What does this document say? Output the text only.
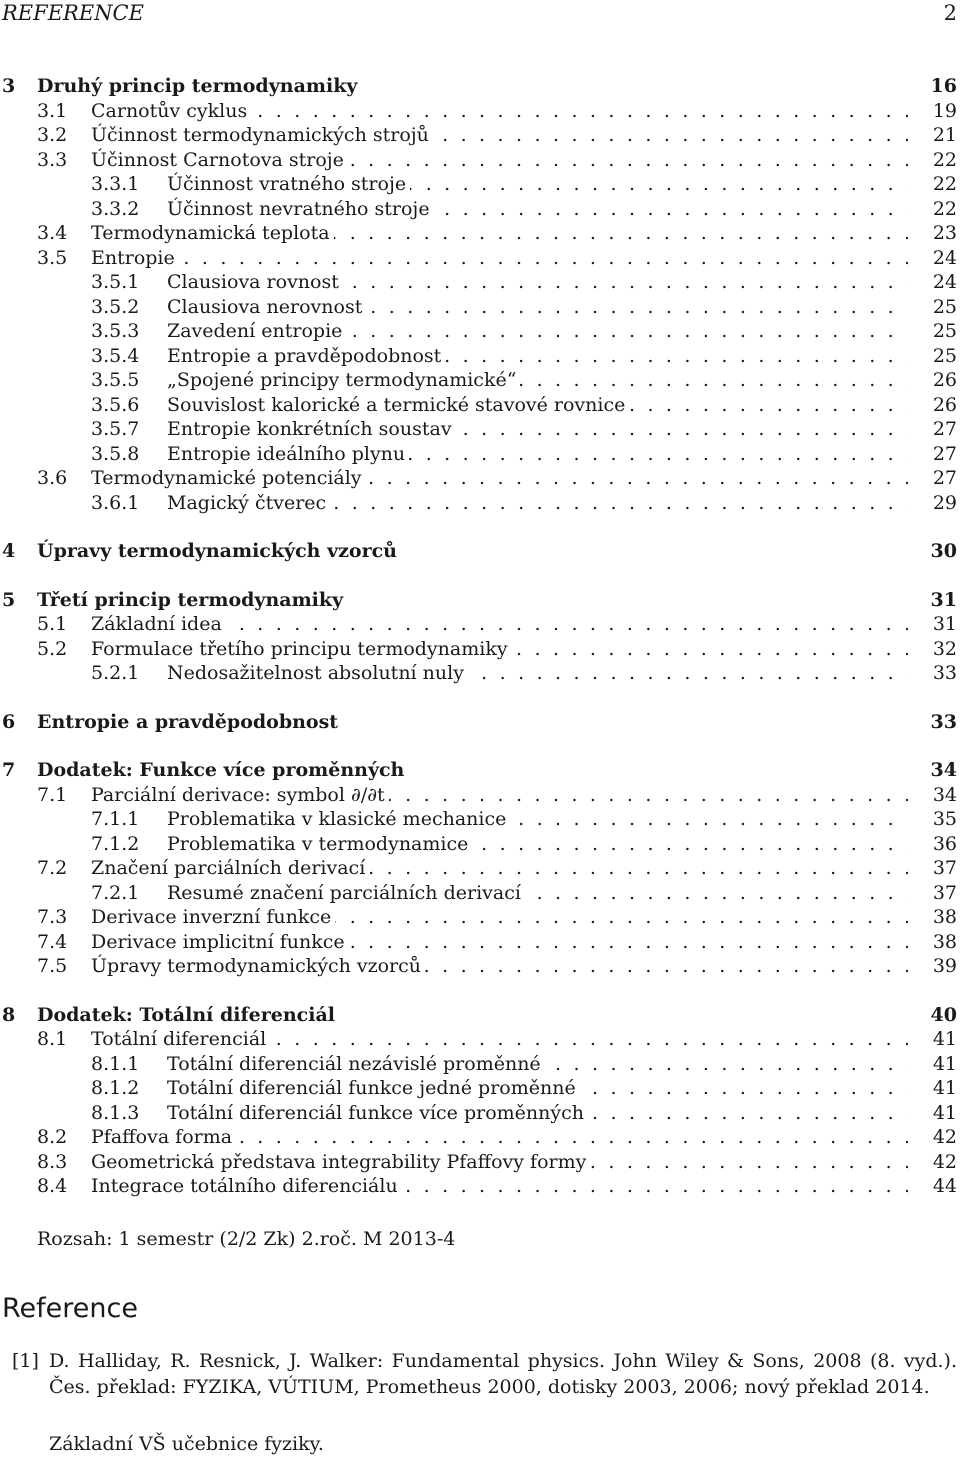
REFERENCE	2
3 Druhý princip termodynamiky	16
3.1 Carnotův cyklus . . .	19
3.2 Účinnost termodynamických strojů . . .	21
3.3 Účinnost Carnotova stroje . . .	22
3.3.1 Účinnost vratného stroje . . .	22
3.3.2 Účinnost nevratného stroje . . .	22
3.4 Termodynamická teplota . . .	23
3.5 Entropie . . .	24
3.5.1 Clausiova rovnost . . .	24
3.5.2 Clausiova nerovnost . . .	25
3.5.3 Zavedení entropie . . .	25
3.5.4 Entropie a pravděpodobnost . . .	25
3.5.5 „Spojené principy termodynamické“ . . .	26
3.5.6 Souvislost kalorické a termické stavové rovnice . . .	26
3.5.7 Entropie konkrétních soustav . . .	27
3.5.8 Entropie ideálního plynu . . .	27
3.6 Termodynamické potenciály . . .	27
3.6.1 Magický čtverec . . .	29
4 Úpravy termodynamických vzorců	30
5 Třetí princip termodynamiky	31
5.1 Základní idea . . .	31
5.2 Formulace třetího principu termodynamiky . . .	32
5.2.1 Nedosažitelnost absolutní nuly . . .	33
6 Entropie a pravděpodobnost	33
7 Dodatek: Funkce více proměnných	34
7.1 Parciální derivace: symbol ∂/∂t . . .	34
7.1.1 Problematika v klasické mechanice . . .	35
7.1.2 Problematika v termodynamice . . .	36
7.2 Značení parciálních derivací . . .	37
7.2.1 Resumé značení parciálních derivací . . .	37
7.3 Derivace inverzní funkce . . .	38
7.4 Derivace implicitní funkce . . .	38
7.5 Úpravy termodynamických vzorců . . .	39
8 Dodatek: Totální diferenciál	40
8.1 Totální diferenciál . . .	41
8.1.1 Totální diferenciál nezávislé proměnné . . .	41
8.1.2 Totální diferenciál funkce jedné proměnné . . .	41
8.1.3 Totální diferenciál funkce více proměnných . . .	41
8.2 Pfaffova forma . . .	42
8.3 Geometrická představa integrability Pfaffovy formy . . .	42
8.4 Integrace totálního diferenciálu . . .	44
Rozsah: 1 semestr (2/2 Zk) 2.roč. M 2013-4
Reference
[1] D. Halliday, R. Resnick, J. Walker: Fundamental physics. John Wiley & Sons, 2008 (8. vyd.). Čes. překlad: FYZIKA, VÚTIUM, Prometheus 2000, dotisky 2003, 2006; nový překlad 2014.
Základní VŠ učebnice fyziky.
